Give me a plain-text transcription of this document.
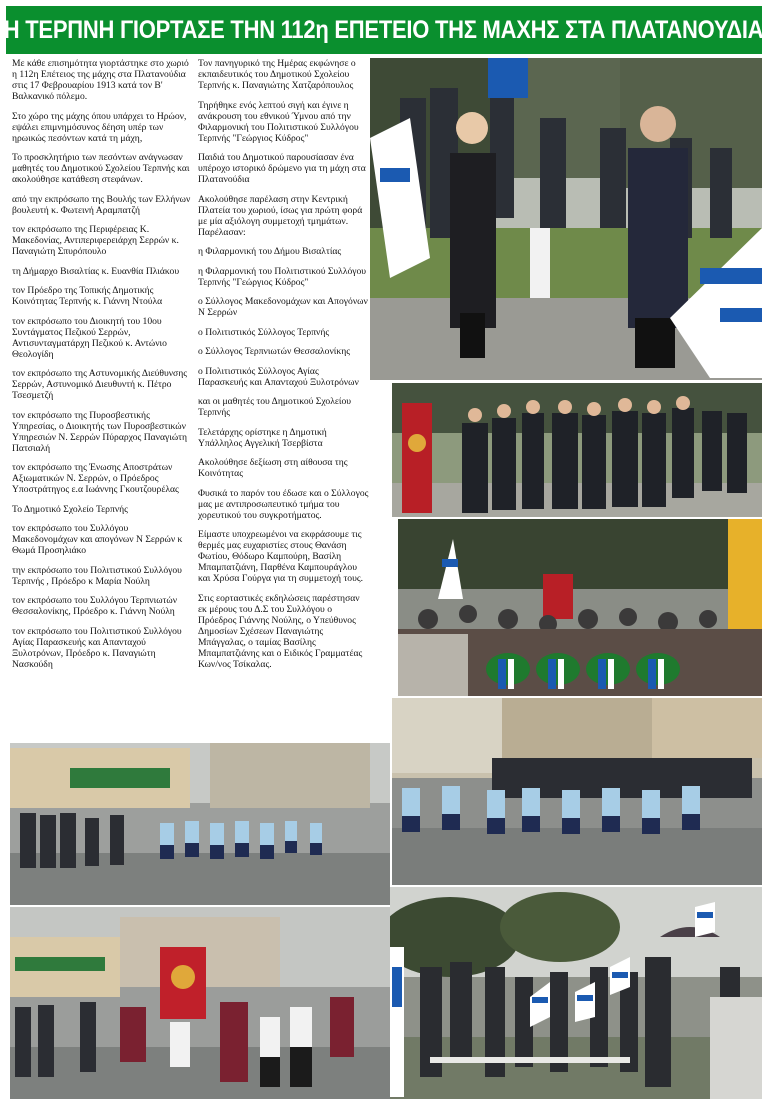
Η ΤΕΡΠΝΗ ΓΙΟΡΤΑΣΕ ΤΗΝ 112η ΕΠΕΤΕΙΟ ΤΗΣ ΜΑΧΗΣ ΣΤΑ ΠΛΑΤΑΝΟΥΔΙΑ

Με κάθε επισημότητα γιορτάστηκε στο χωριό η 112η Επέτειος της μάχης στα Πλατανούδια στις 17 Φεβρουαρίου 1913 κατά τον Β' Βαλκανικό πόλεμο.

Στο χώρο της μάχης όπου υπάρχει το Ηρώον, εψάλει επιμνημόσυνος δέηση υπέρ των ηρωικώς πεσόντων κατά τη μάχη,

Το προσκλητήριο των πεσόντων ανάγνωσαν μαθητές του Δημοτικού Σχολείου Τερπνής και ακολούθησε κατάθεση στεφάνων.

από την εκπρόσωπο της Βουλής των Ελλήνων βουλευτή κ. Φωτεινή Αραμπατζή

τον εκπρόσωπο της Περιφέρειας Κ. Μακεδονίας, Αντιπεριφερειάρχη Σερρών κ. Παναγιώτη Σπυρόπουλο

τη Δήμαρχο Βισαλτίας κ. Ευανθία Πλιάκου

τον Πρόεδρο της Τοπικής Δημοτικής Κοινότητας Τερπνής κ. Γιάννη Ντούλα

τον εκπρόσωπο του Διοικητή του 10ου Συντάγματος Πεζικού Σερρών, Αντισυνταγματάρχη Πεζικού κ. Αντώνιο Θεολογίδη

τον εκπρόσωπο της Αστυνομικής Διεύθυνσης Σερρών, Αστυνομικό Διευθυντή κ. Πέτρο Τσεσμετζή

τον εκπρόσωπο της Πυροσβεστικής Υπηρεσίας, ο Διοικητής των Πυροσβεστικών Υπηρεσιών Ν. Σερρών Πύραρχος Παναγιώτη Πατσιαλή

τον εκπρόσωπο της Ένωσης Αποστράτων Αξιωματικών Ν. Σερρών, ο Πρόεδρος Υποστράτηγος ε.α Ιωάννης Γκουτζουρέλας

Το Δημοτικό Σχολείο Τερπνής

τον εκπρόσωπο του Συλλόγου Μακεδονομάχων και απογόνων Ν Σερρών κ Θωμά Προσηλιάκο

την εκπρόσωπο του Πολιτιστικού Συλλόγου Τερπνής , Πρόεδρο κ Μαρία Νούλη

τον εκπρόσωπο του Συλλόγου Τερπνιωτών Θεσσαλονίκης, Πρόεδρο κ. Γιάννη Νούλη

τον εκπρόσωπο του Πολιτιστικού Συλλόγου Αγίας Παρασκευής και Απανταχού Ξυλοτρόνων, Πρόεδρο κ. Παναγιώτη Νασκούδη

Τον πανηγυρικό της Ημέρας εκφώνησε ο εκπαιδευτικός του Δημοτικού Σχολείου Τερπνής κ. Παναγιώτης Χατζαρόπουλος

Τηρήθηκε ενός λεπτού σιγή και έγινε η ανάκρουση του εθνικού Ύμνου από την Φιλαρμονική του Πολιτιστικού Συλλόγου Τερπνής "Γεώργιος Κύδρος"

Παιδιά του Δημοτικού παρουσίασαν ένα υπέροχο ιστορικό δρώμενο για τη μάχη στα Πλατανούδια

Ακολούθησε παρέλαση στην Κεντρική Πλατεία του χωριού, ίσως για πρώτη φορά με μία αξιόλογη συμμετοχή τμημάτων. Παρέλασαν:

η Φιλαρμονική του Δήμου Βισαλτίας

η Φιλαρμονική του Πολιτιστικού Συλλόγου Τερπνής "Γεώργιος Κύδρος"

ο Σύλλογος Μακεδονομάχων και Απογόνων Ν Σερρών

ο Πολιτιστικός Σύλλογος Τερπνής

ο Σύλλογος Τερπνιωτών Θεσσαλονίκης

ο Πολιτιστικός Σύλλογος Αγίας Παρασκευής και Απανταχού Ξυλοτρόνων

και οι μαθητές του Δημοτικού Σχολείου Τερπνής

Τελετάρχης ορίστηκε η Δημοτική Υπάλληλος Αγγελική Τσερβίστα

Ακολούθησε δεξίωση στη αίθουσα της Κοινότητας

Φυσικά το παρόν του έδωσε και ο Σύλλογος μας με αντιπροσωπευτικό τμήμα του χορευτικού του συγκροτήματος.

Είμαστε υποχρεωμένοι να εκφράσουμε τις θερμές μας ευχαριστίες στους Θανάση Φωτίου, Θόδωρο Καμπούρη, Βασίλη Μπαμπατζιάνη, Παρθένα Καμπουράγλου και Χρύσα Γούργα για τη συμμετοχή τους.

Στις εορταστικές εκδηλώσεις παρέστησαν εκ μέρους του Δ.Σ του Συλλόγου ο Πρόεδρος Γιάννης Νούλης, ο Υπεύθυνος Δημοσίων Σχέσεων Παναγιώτης Μπάγγαλας, ο ταμίας Βασίλης Μπαμπατζιάνης και ο Ειδικός Γραμματέας Κων/νος Τσίκαλας.
